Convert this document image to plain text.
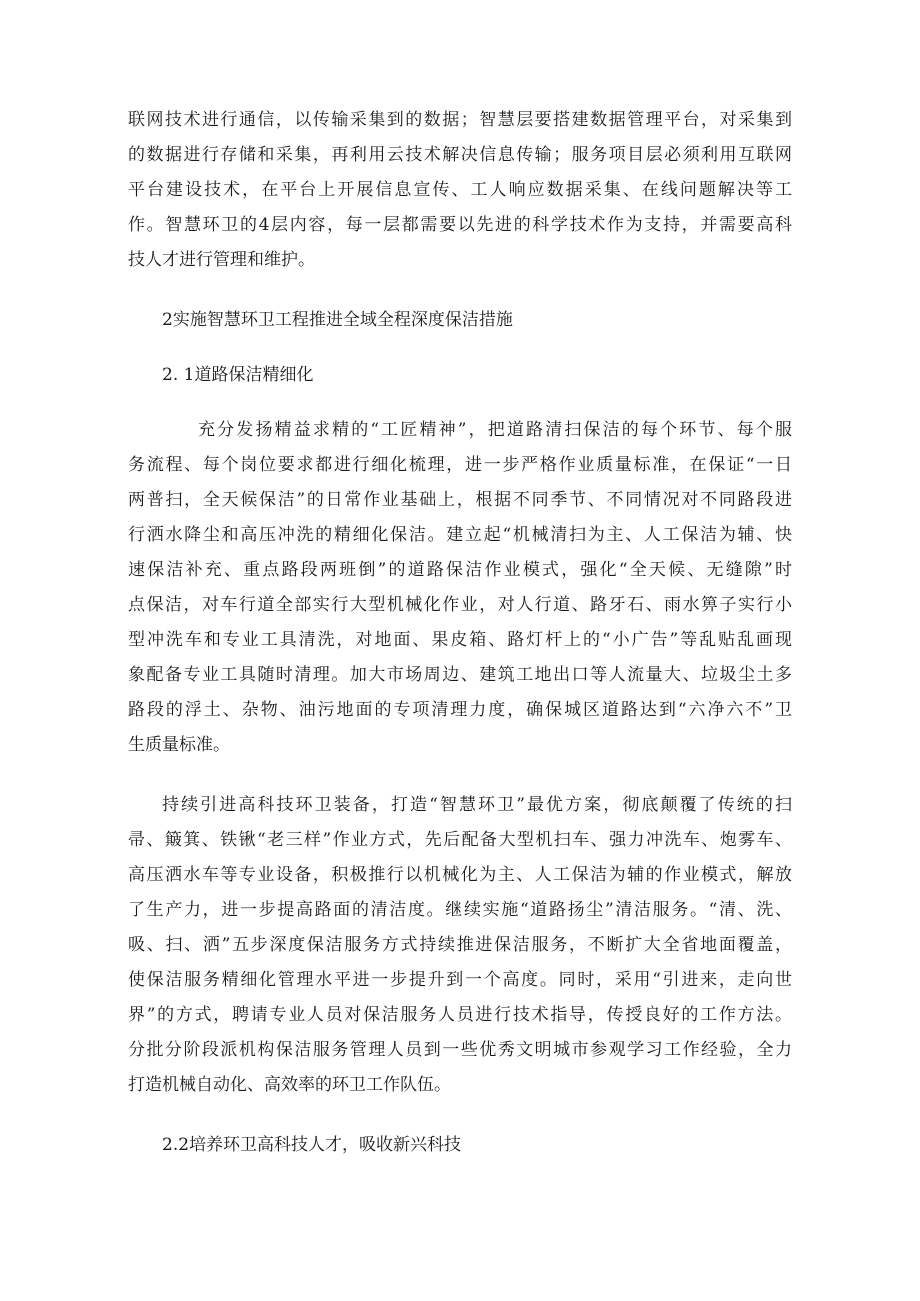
联网技术进行通信，以传输采集到的数据；智慧层要搭建数据管理平台，对采集到
的数据进行存储和采集，再利用云技术解决信息传输；服务项目层必须利用互联网
平台建设技术，在平台上开展信息宣传、工人响应数据采集、在线问题解决等工
作。智慧环卫的4层内容，每一层都需要以先进的科学技术作为支持，并需要高科
技人才进行管理和维护。
2实施智慧环卫工程推进全域全程深度保洁措施
2. 1道路保洁精细化
充分发扬精益求精的“工匠精神”，把道路清扫保洁的每个环节、每个服
务流程、每个岗位要求都进行细化梳理，进一步严格作业质量标准，在保证“一日
两普扫，全天候保洁”的日常作业基础上，根据不同季节、不同情况对不同路段进
行洒水降尘和高压冲洗的精细化保洁。建立起“机械清扫为主、人工保洁为辅、快
速保洁补充、重点路段两班倒”的道路保洁作业模式，强化“全天候、无缝隙”时
点保洁，对车行道全部实行大型机械化作业，对人行道、路牙石、雨水箅子实行小
型冲洗车和专业工具清洗，对地面、果皮箱、路灯杆上的“小广告”等乱贴乱画现
象配备专业工具随时清理。加大市场周边、建筑工地出口等人流量大、垃圾尘土多
路段的浮土、杂物、油污地面的专项清理力度，确保城区道路达到“六净六不”卫
生质量标准。
持续引进高科技环卫装备，打造“智慧环卫”最优方案，彻底颠覆了传统的扫
帚、簸箕、铁锹“老三样”作业方式，先后配备大型机扫车、强力冲洗车、炮雾车、
高压洒水车等专业设备，积极推行以机械化为主、人工保洁为辅的作业模式，解放
了生产力，进一步提高路面的清洁度。继续实施“道路扬尘”清洁服务。“清、洗、
吸、扫、洒”五步深度保洁服务方式持续推进保洁服务，不断扩大全省地面覆盖，
使保洁服务精细化管理水平进一步提升到一个高度。同时，采用“引进来，走向世
界”的方式，聘请专业人员对保洁服务人员进行技术指导，传授良好的工作方法。
分批分阶段派机构保洁服务管理人员到一些优秀文明城市参观学习工作经验，全力
打造机械自动化、高效率的环卫工作队伍。
2.2培养环卫高科技人才，吸收新兴科技
